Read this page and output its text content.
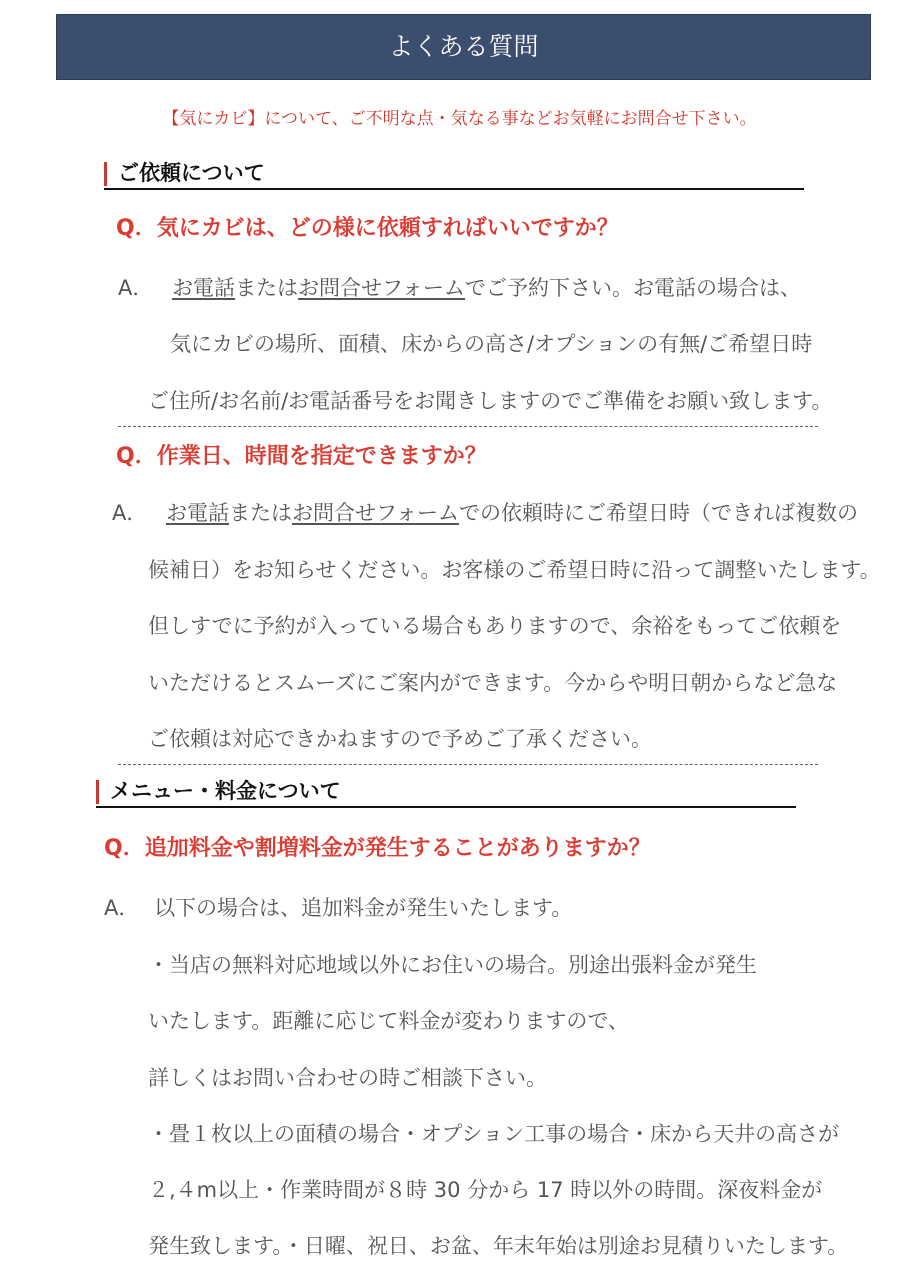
よくある質問
【気にカビ】について、ご不明な点・気なる事などお気軽にお問合せ下さい。
ご依頼について
Q．気にカビは、どの様に依頼すればいいですか？
A． お電話またはお問合せフォームでご予約下さい。お電話の場合は、
気にカビの場所、面積、床からの高さ/オプションの有無/ご希望日時
ご住所/お名前/お電話番号をお聞きしますのでご準備をお願い致します。
Q．作業日、時間を指定できますか？
A． お電話またはお問合せフォームでの依頼時にご希望日時（できれば複数の
候補日）をお知らせください。お客様のご希望日時に沿って調整いたします。
但しすでに予約が入っている場合もありますので、余裕をもってご依頼を
いただけるとスムーズにご案内ができます。今からや明日朝からなど急な
ご依頼は対応できかねますので予めご了承ください。
メニュー・料金について
Q．追加料金や割増料金が発生することがありますか？
A． 以下の場合は、追加料金が発生いたします。
・当店の無料対応地域以外にお住いの場合。別途出張料金が発生
いたします。距離に応じて料金が変わりますので、
詳しくはお問い合わせの時ご相談下さい。
・畳１枚以上の面積の場合・オプション工事の場合・床から天井の高さが
２,４m以上・作業時間が８時 30 分から 17 時以外の時間。深夜料金が
発生致します。・日曜、祝日、お盆、年末年始は別途お見積りいたします。
